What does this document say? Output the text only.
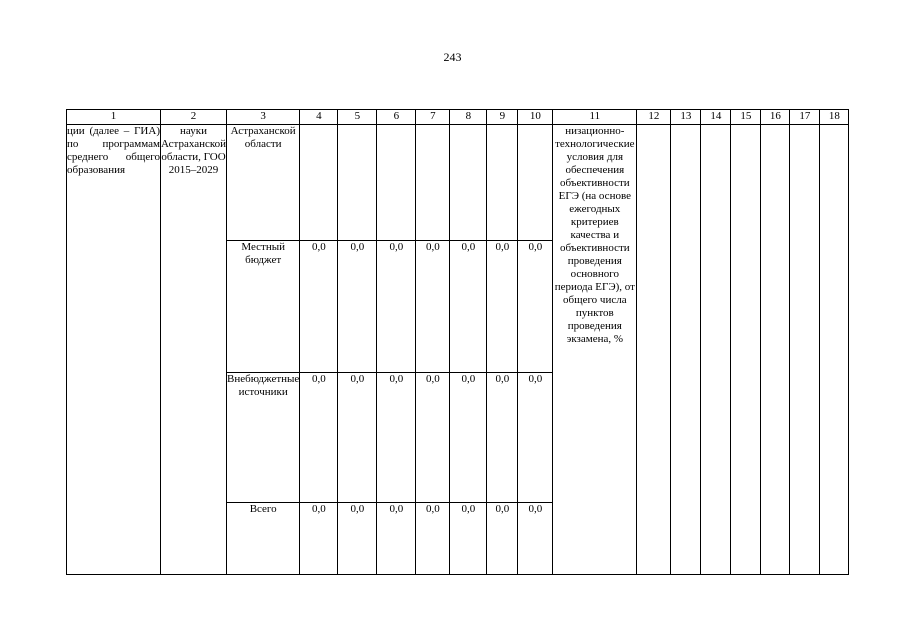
243
1	2	3	4	5	6	7	8	9	10	11	12	13	14	15	16	17	18
ции (далее – ГИА) по программам среднего общего образования	науки Астраханской области, ГОО 2015–2029	Астраханской области								низационно-технологические условия для обеспечения объективности ЕГЭ (на основе ежегодных критериев качества и объективности проведения основного периода ЕГЭ), от общего числа пунктов проведения экзамена, %							
		Местный бюджет	0,0	0,0	0,0	0,0	0,0	0,0	0,0								
		Внебюджетные источники	0,0	0,0	0,0	0,0	0,0	0,0	0,0								
		Всего	0,0	0,0	0,0	0,0	0,0	0,0	0,0								
